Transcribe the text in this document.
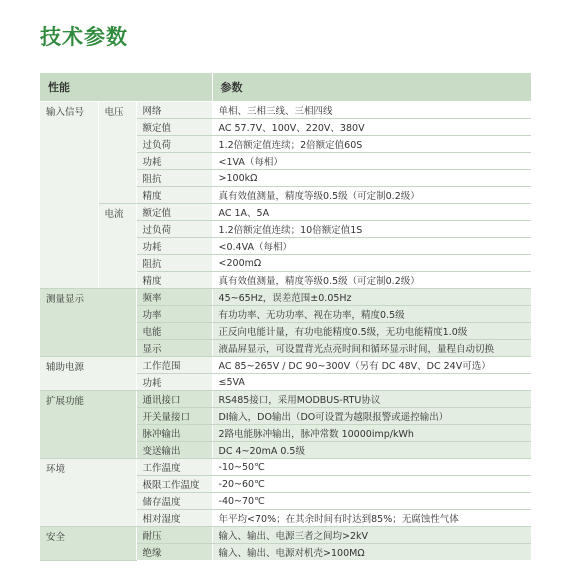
技术参数
性能			参数
输入信号	电压	网络	单相、三相三线、三相四线
		额定值	AC 57.7V、100V、220V、380V
		过负荷	1.2倍额定值连续；2倍额定值60S
		功耗	<1VA（每相）
		阻抗	>100kΩ
		精度	真有效值测量，精度等级0.5级（可定制0.2级）
	电流	额定值	AC 1A、5A
		过负荷	1.2倍额定值连续；10倍额定值1S
		功耗	<0.4VA（每相）
		阻抗	<200mΩ
		精度	真有效值测量，精度等级0.5级（可定制0.2级）
测量显示		频率	45~65Hz，误差范围±0.05Hz
		功率	有功功率、无功功率、视在功率，精度0.5级
		电能	正反向电能计量，有功电能精度0.5级，无功电能精度1.0级
		显示	液晶屏显示，可设置背光点亮时间和循环显示时间，量程自动切换
辅助电源		工作范围	AC 85~265V / DC 90~300V（另有 DC 48V、DC 24V可选）
		功耗	≤5VA
扩展功能		通讯接口	RS485接口，采用MODBUS-RTU协议
		开关量接口	DI输入，DO输出（DO可设置为越限报警或遥控输出）
		脉冲输出	2路电能脉冲输出，脉冲常数 10000imp/kWh
		变送输出	DC 4~20mA 0.5级
环境		工作温度	-10~50℃
		极限工作温度	-20~60℃
		储存温度	-40~70℃
		相对湿度	年平均<70%；在其余时间有时达到85%；无腐蚀性气体
安全		耐压	输入、输出、电源三者之间均>2kV
		绝缘	输入、输出、电源对机壳>100MΩ
